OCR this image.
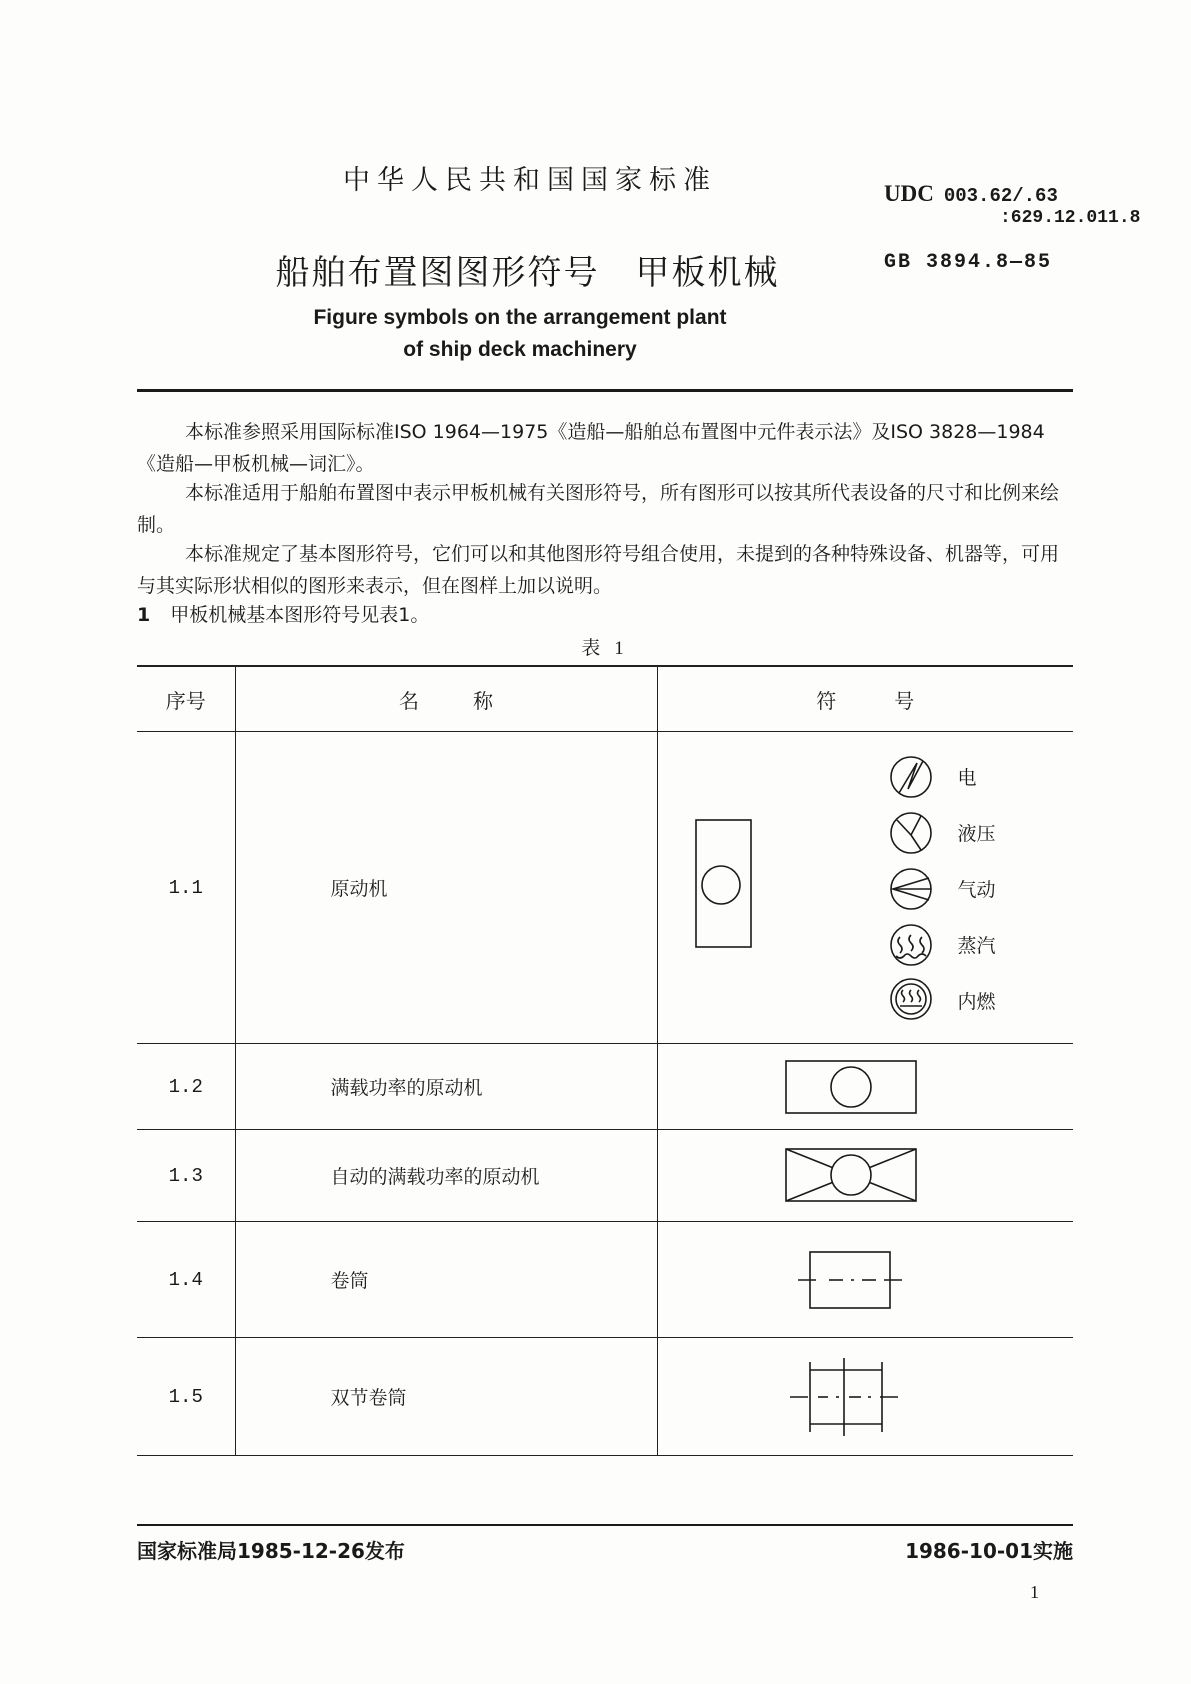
中华人民共和国国家标准	UDC 003.62/.63
:629.12.011.8
船舶布置图图形符号　甲板机械	GB 3894.8—85
Figure symbols on the arrangement plant
of ship deck machinery
本标准参照采用国际标准ISO 1964—1975《造船—船舶总布置图中元件表示法》及ISO 3828—1984《造船—甲板机械—词汇》。
本标准适用于船舶布置图中表示甲板机械有关图形符号，所有图形可以按其所代表设备的尺寸和比例来绘制。
本标准规定了基本图形符号，它们可以和其他图形符号组合使用，未提到的各种特殊设备、机器等，可用与其实际形状相似的图形来表示，但在图样上加以说明。
1 甲板机械基本图形符号见表1。
表 1
序号	名称	符号
1.1	原动机	电
液压
气动
蒸汽
内燃

1.2	满载功率的原动机	

1.3	自动的满载功率的原动机	

1.4	卷筒	

1.5	双节卷筒	
国家标准局1985-12-26发布	1986-10-01实施
1
